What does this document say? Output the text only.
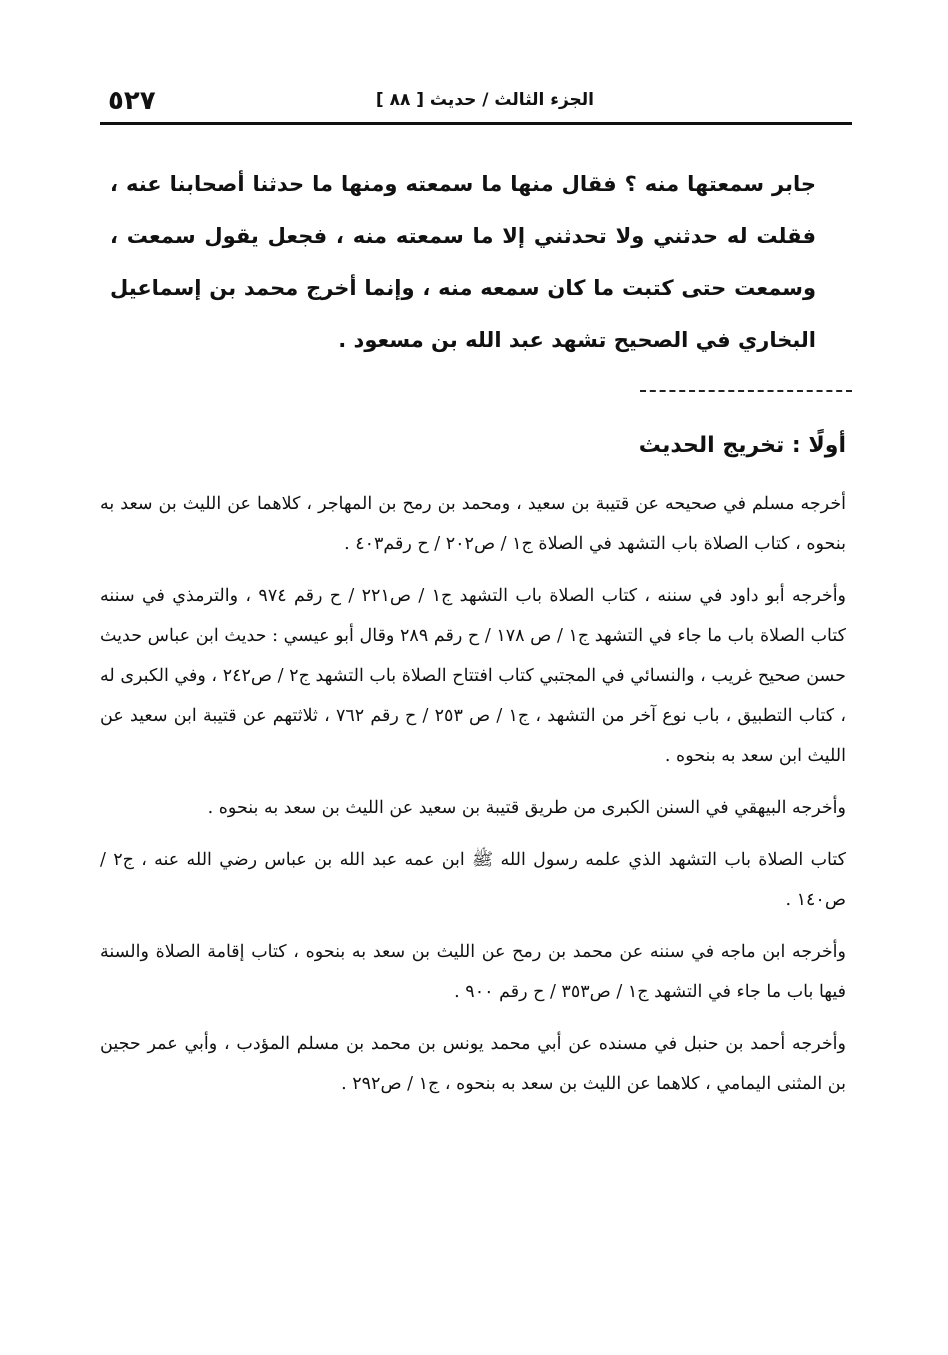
الجزء الثالث / حديث [ ٨٨ ]
٥٢٧

جابر سمعتها منه ؟ فقال منها ما سمعته ومنها ما حدثنا أصحابنا عنه ، فقلت له حدثني ولا تحدثني إلا ما سمعته منه ، فجعل يقول سمعت ، وسمعت حتى كتبت ما كان سمعه منه ، وإنما أخرج محمد بن إسماعيل البخاري في الصحيح تشهد عبد الله بن مسعود .

أولًا : تخريج الحديث

أخرجه مسلم في صحيحه عن قتيبة بن سعيد ، ومحمد بن رمح بن المهاجر ، كلاهما عن الليث بن سعد به بنحوه ، كتاب الصلاة باب التشهد في الصلاة ج١ / ص٢٠٢ / ح رقم٤٠٣ .

وأخرجه أبو داود في سننه ، كتاب الصلاة باب التشهد ج١ / ص٢٢١ / ح رقم ٩٧٤ ، والترمذي في سننه كتاب الصلاة باب ما جاء في التشهد ج١ / ص ١٧٨ / ح رقم ٢٨٩ وقال أبو عيسي : حديث ابن عباس حديث حسن صحيح غريب ، والنسائي في المجتبي كتاب افتتاح الصلاة باب التشهد ج٢ / ص٢٤٢ ، وفي الكبرى له ، كتاب التطبيق ، باب نوع آخر من التشهد ، ج١ / ص ٢٥٣ / ح رقم ٧٦٢ ، ثلاثتهم عن قتيبة ابن سعيد عن الليث ابن سعد به بنحوه .

وأخرجه البيهقي في السنن الكبرى من طريق قتيبة بن سعيد عن الليث بن سعد به بنحوه .

كتاب الصلاة باب التشهد الذي علمه رسول الله ﷺ ابن عمه عبد الله بن عباس رضي الله عنه ، ج٢ / ص١٤٠ .

وأخرجه ابن ماجه في سننه عن محمد بن رمح عن الليث بن سعد به بنحوه ، كتاب إقامة الصلاة والسنة فيها باب ما جاء في التشهد ج١ / ص٣٥٣ / ح رقم ٩٠٠ .

وأخرجه أحمد بن حنبل في مسنده عن أبي محمد يونس بن محمد بن مسلم المؤدب ، وأبي عمر حجين بن المثنى اليمامي ، كلاهما عن الليث بن سعد به بنحوه ، ج١ / ص٢٩٢ .
